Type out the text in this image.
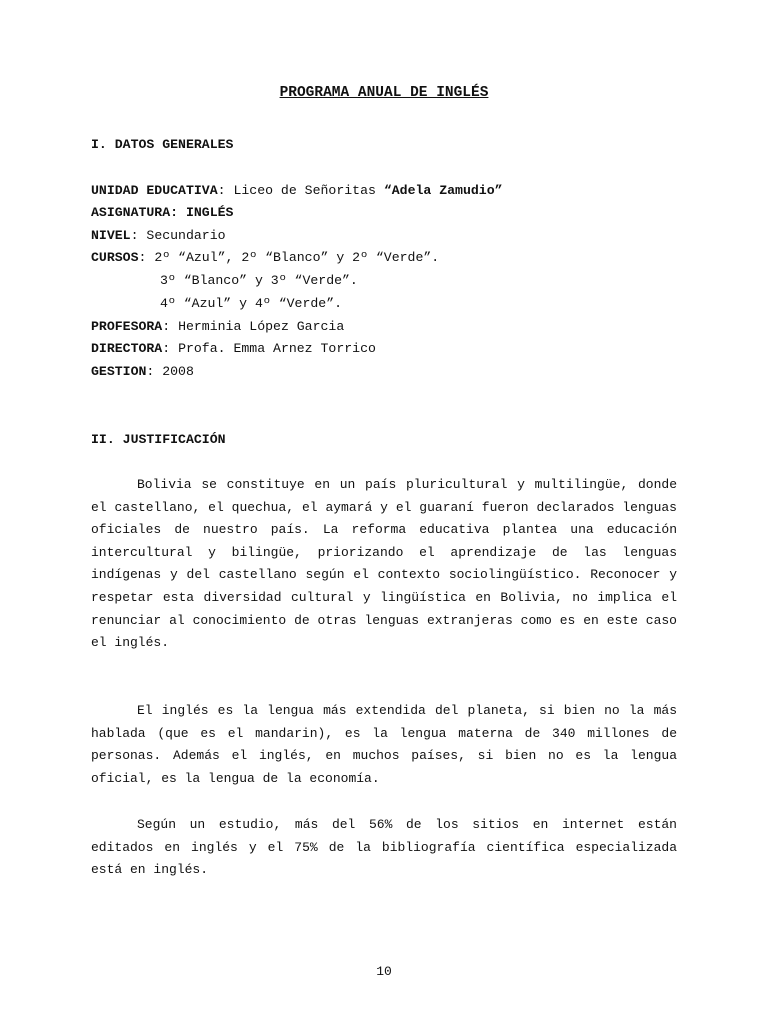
PROGRAMA ANUAL DE INGLÉS
I. DATOS GENERALES
UNIDAD EDUCATIVA: Liceo de Señoritas “Adela Zamudio”
ASIGNATURA: INGLÉS
NIVEL: Secundario
CURSOS: 2º “Azul”, 2º “Blanco” y 2º “Verde”.
3º “Blanco” y 3º “Verde”.
4º “Azul” y 4º “Verde”.
PROFESORA: Herminia López Garcia
DIRECTORA: Profa. Emma Arnez Torrico
GESTION: 2008
II. JUSTIFICACIÓN
Bolivia se constituye en un país pluricultural y multilingüe, donde el castellano, el quechua, el aymará y el guaraní fueron declarados lenguas oficiales de nuestro país. La reforma educativa plantea una educación intercultural y bilingüe, priorizando el aprendizaje de las lenguas indígenas y del castellano según el contexto sociolingüístico. Reconocer y respetar esta diversidad cultural y lingüística en Bolivia, no implica el renunciar al conocimiento de otras lenguas extranjeras como es en este caso el inglés.
El inglés es la lengua más extendida del planeta, si bien no la más hablada (que es el mandarin), es la lengua materna de 340 millones de personas. Además el inglés, en muchos países, si bien no es la lengua oficial, es la lengua de la economía.
Según un estudio, más del 56% de los sitios en internet están editados en inglés y el 75% de la bibliografía científica especializada está en inglés.
10
